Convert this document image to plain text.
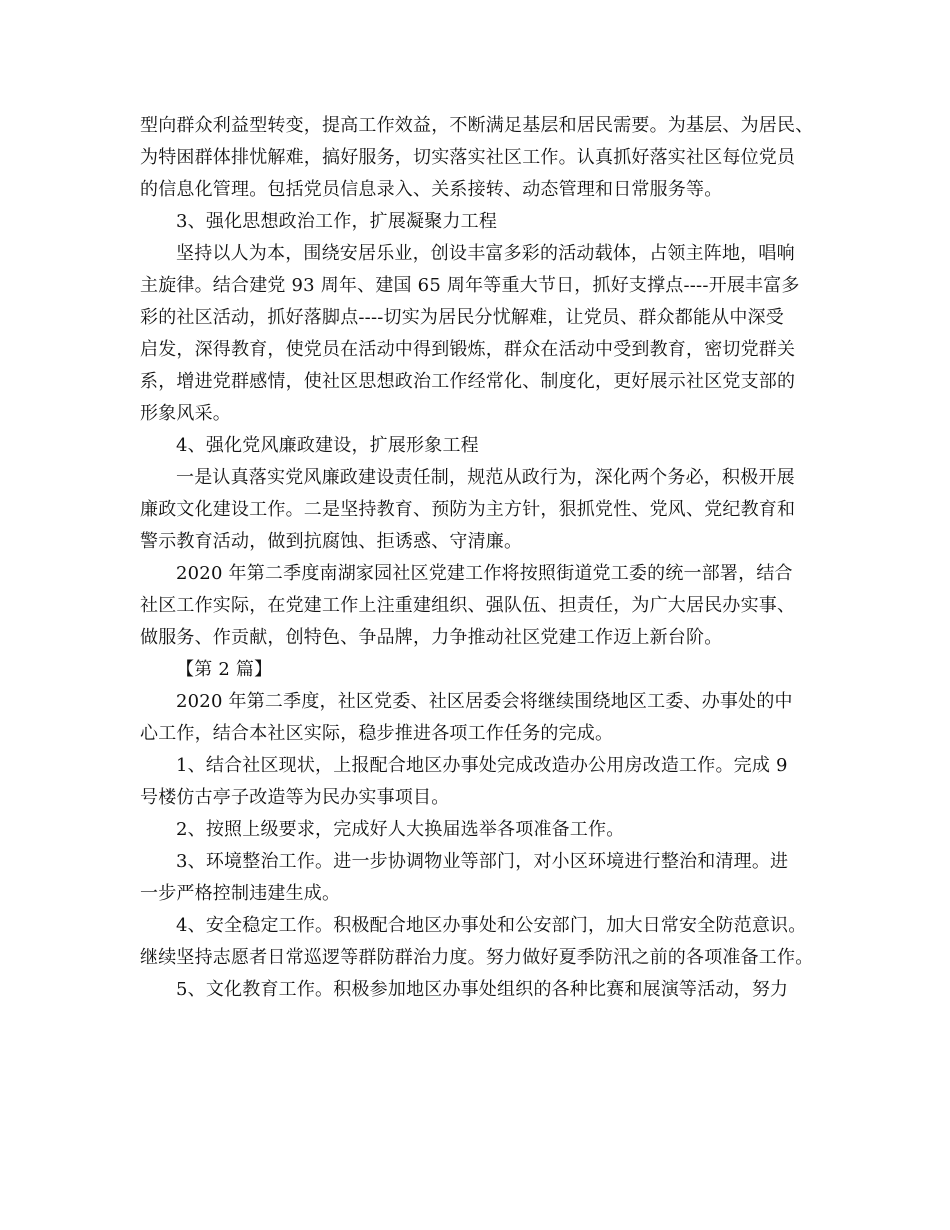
型向群众利益型转变，提高工作效益，不断满足基层和居民需要。为基层、为居民、
为特困群体排忧解难，搞好服务，切实落实社区工作。认真抓好落实社区每位党员
的信息化管理。包括党员信息录入、关系接转、动态管理和日常服务等。
3、强化思想政治工作，扩展凝聚力工程
坚持以人为本，围绕安居乐业，创设丰富多彩的活动载体，占领主阵地，唱响
主旋律。结合建党 93 周年、建国 65 周年等重大节日，抓好支撑点----开展丰富多
彩的社区活动，抓好落脚点----切实为居民分忧解难，让党员、群众都能从中深受
启发，深得教育，使党员在活动中得到锻炼，群众在活动中受到教育，密切党群关
系，增进党群感情，使社区思想政治工作经常化、制度化，更好展示社区党支部的
形象风采。
4、强化党风廉政建设，扩展形象工程
一是认真落实党风廉政建设责任制，规范从政行为，深化两个务必，积极开展
廉政文化建设工作。二是坚持教育、预防为主方针，狠抓党性、党风、党纪教育和
警示教育活动，做到抗腐蚀、拒诱惑、守清廉。
2020 年第二季度南湖家园社区党建工作将按照街道党工委的统一部署，结合
社区工作实际，在党建工作上注重建组织、强队伍、担责任，为广大居民办实事、
做服务、作贡献，创特色、争品牌，力争推动社区党建工作迈上新台阶。
【第 2 篇】
2020 年第二季度，社区党委、社区居委会将继续围绕地区工委、办事处的中
心工作，结合本社区实际，稳步推进各项工作任务的完成。
1、结合社区现状，上报配合地区办事处完成改造办公用房改造工作。完成 9
号楼仿古亭子改造等为民办实事项目。
2、按照上级要求，完成好人大换届选举各项准备工作。
3、环境整治工作。进一步协调物业等部门，对小区环境进行整治和清理。进
一步严格控制违建生成。
4、安全稳定工作。积极配合地区办事处和公安部门，加大日常安全防范意识。
继续坚持志愿者日常巡逻等群防群治力度。努力做好夏季防汛之前的各项准备工作。
5、文化教育工作。积极参加地区办事处组织的各种比赛和展演等活动，努力
